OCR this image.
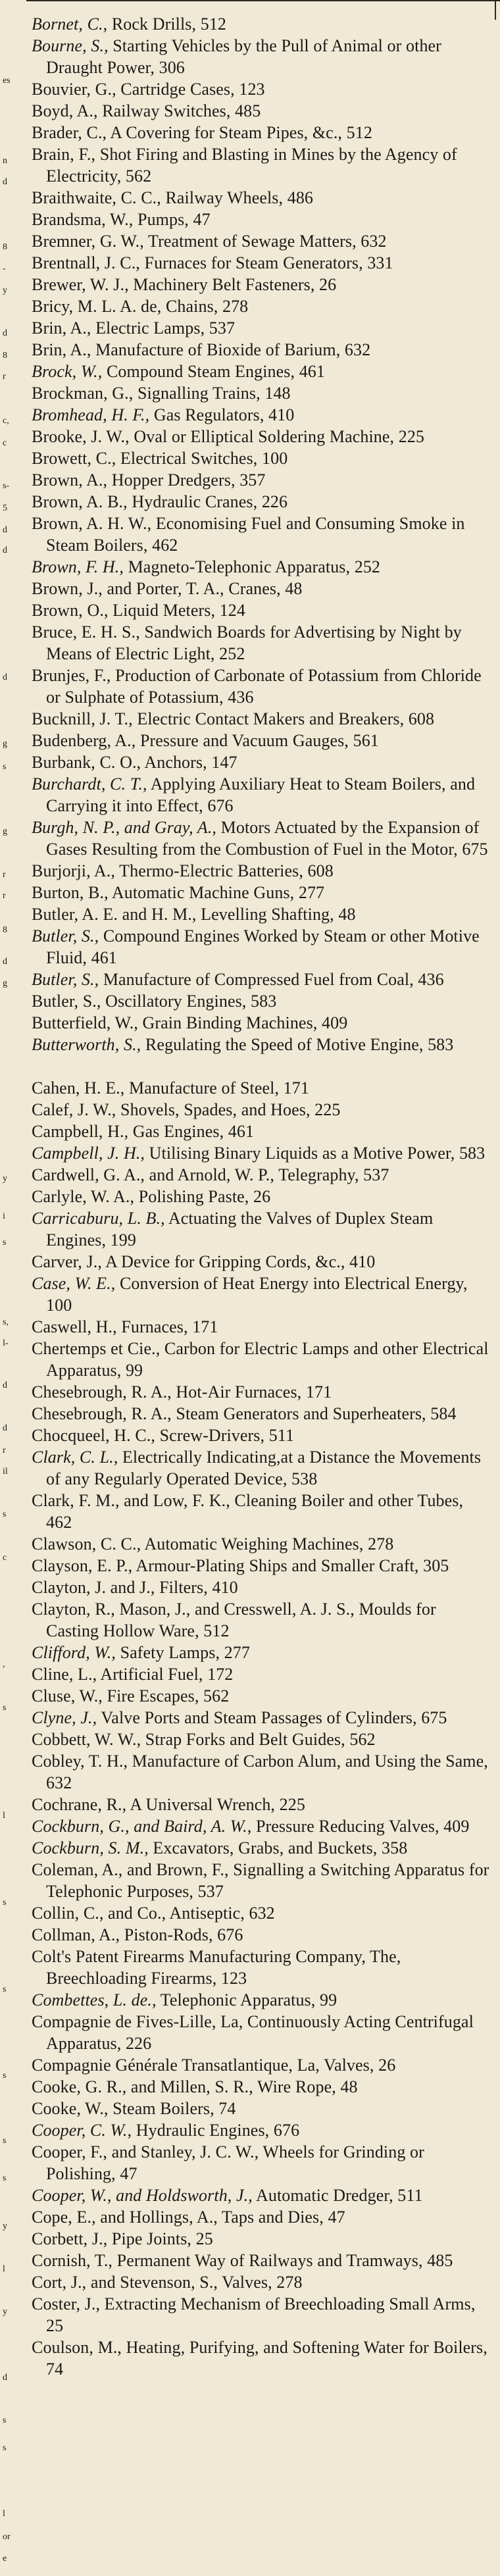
es
n
d
8
-
y
d
8
r
c,
c
s-
5
d
d
d
g
s
g
r
r
8
d
g
y
i
s
s,
l-
d
d
r
il
s
c
,
s
l
s
s
s
s
s
y
l
y
d
s
s
l
or
e
Bornet, C., Rock Drills, 512
Bourne, S., Starting Vehicles by the Pull of Animal or other Draught Power, 306
Bouvier, G., Cartridge Cases, 123
Boyd, A., Railway Switches, 485
Brader, C., A Covering for Steam Pipes, &c., 512
Brain, F., Shot Firing and Blasting in Mines by the Agency of Electricity, 562
Braithwaite, C. C., Railway Wheels, 486
Brandsma, W., Pumps, 47
Bremner, G. W., Treatment of Sewage Matters, 632
Brentnall, J. C., Furnaces for Steam Generators, 331
Brewer, W. J., Machinery Belt Fasteners, 26
Bricy, M. L. A. de, Chains, 278
Brin, A., Electric Lamps, 537
Brin, A., Manufacture of Bioxide of Barium, 632
Brock, W., Compound Steam Engines, 461
Brockman, G., Signalling Trains, 148
Bromhead, H. F., Gas Regulators, 410
Brooke, J. W., Oval or Elliptical Soldering Machine, 225
Browett, C., Electrical Switches, 100
Brown, A., Hopper Dredgers, 357
Brown, A. B., Hydraulic Cranes, 226
Brown, A. H. W., Economising Fuel and Consuming Smoke in Steam Boilers, 462
Brown, F. H., Magneto-Telephonic Apparatus, 252
Brown, J., and Porter, T. A., Cranes, 48
Brown, O., Liquid Meters, 124
Bruce, E. H. S., Sandwich Boards for Advertising by Night by Means of Electric Light, 252
Brunjes, F., Production of Carbonate of Potassium from Chloride or Sulphate of Potassium, 436
Bucknill, J. T., Electric Contact Makers and Breakers, 608
Budenberg, A., Pressure and Vacuum Gauges, 561
Burbank, C. O., Anchors, 147
Burchardt, C. T., Applying Auxiliary Heat to Steam Boilers, and Carrying it into Effect, 676
Burgh, N. P., and Gray, A., Motors Actuated by the Expansion of Gases Resulting from the Combustion of Fuel in the Motor, 675
Burjorji, A., Thermo-Electric Batteries, 608
Burton, B., Automatic Machine Guns, 277
Butler, A. E. and H. M., Levelling Shafting, 48
Butler, S., Compound Engines Worked by Steam or other Motive Fluid, 461
Butler, S., Manufacture of Compressed Fuel from Coal, 436
Butler, S., Oscillatory Engines, 583
Butterfield, W., Grain Binding Machines, 409
Butterworth, S., Regulating the Speed of Motive Engine, 583
Cahen, H. E., Manufacture of Steel, 171
Calef, J. W., Shovels, Spades, and Hoes, 225
Campbell, H., Gas Engines, 461
Campbell, J. H., Utilising Binary Liquids as a Motive Power, 583
Cardwell, G. A., and Arnold, W. P., Telegraphy, 537
Carlyle, W. A., Polishing Paste, 26
Carricaburu, L. B., Actuating the Valves of Duplex Steam Engines, 199
Carver, J., A Device for Gripping Cords, &c., 410
Case, W. E., Conversion of Heat Energy into Electrical Energy, 100
Caswell, H., Furnaces, 171
Chertemps et Cie., Carbon for Electric Lamps and other Electrical Apparatus, 99
Chesebrough, R. A., Hot-Air Furnaces, 171
Chesebrough, R. A., Steam Generators and Superheaters, 584
Chocqueel, H. C., Screw-Drivers, 511
Clark, C. L., Electrically Indicating,at a Distance the Movements of any Regularly Operated Device, 538
Clark, F. M., and Low, F. K., Cleaning Boiler and other Tubes, 462
Clawson, C. C., Automatic Weighing Machines, 278
Clayson, E. P., Armour-Plating Ships and Smaller Craft, 305
Clayton, J. and J., Filters, 410
Clayton, R., Mason, J., and Cresswell, A. J. S., Moulds for Casting Hollow Ware, 512
Clifford, W., Safety Lamps, 277
Cline, L., Artificial Fuel, 172
Cluse, W., Fire Escapes, 562
Clyne, J., Valve Ports and Steam Passages of Cylinders, 675
Cobbett, W. W., Strap Forks and Belt Guides, 562
Cobley, T. H., Manufacture of Carbon Alum, and Using the Same, 632
Cochrane, R., A Universal Wrench, 225
Cockburn, G., and Baird, A. W., Pressure Reducing Valves, 409
Cockburn, S. M., Excavators, Grabs, and Buckets, 358
Coleman, A., and Brown, F., Signalling a Switching Apparatus for Telephonic Purposes, 537
Collin, C., and Co., Antiseptic, 632
Collman, A., Piston-Rods, 676
Colt's Patent Firearms Manufacturing Company, The, Breechloading Firearms, 123
Combettes, L. de., Telephonic Apparatus, 99
Compagnie de Fives-Lille, La, Continuously Acting Centrifugal Apparatus, 226
Compagnie Générale Transatlantique, La, Valves, 26
Cooke, G. R., and Millen, S. R., Wire Rope, 48
Cooke, W., Steam Boilers, 74
Cooper, C. W., Hydraulic Engines, 676
Cooper, F., and Stanley, J. C. W., Wheels for Grinding or Polishing, 47
Cooper, W., and Holdsworth, J., Automatic Dredger, 511
Cope, E., and Hollings, A., Taps and Dies, 47
Corbett, J., Pipe Joints, 25
Cornish, T., Permanent Way of Railways and Tramways, 485
Cort, J., and Stevenson, S., Valves, 278
Coster, J., Extracting Mechanism of Breechloading Small Arms, 25
Coulson, M., Heating, Purifying, and Softening Water for Boilers, 74
